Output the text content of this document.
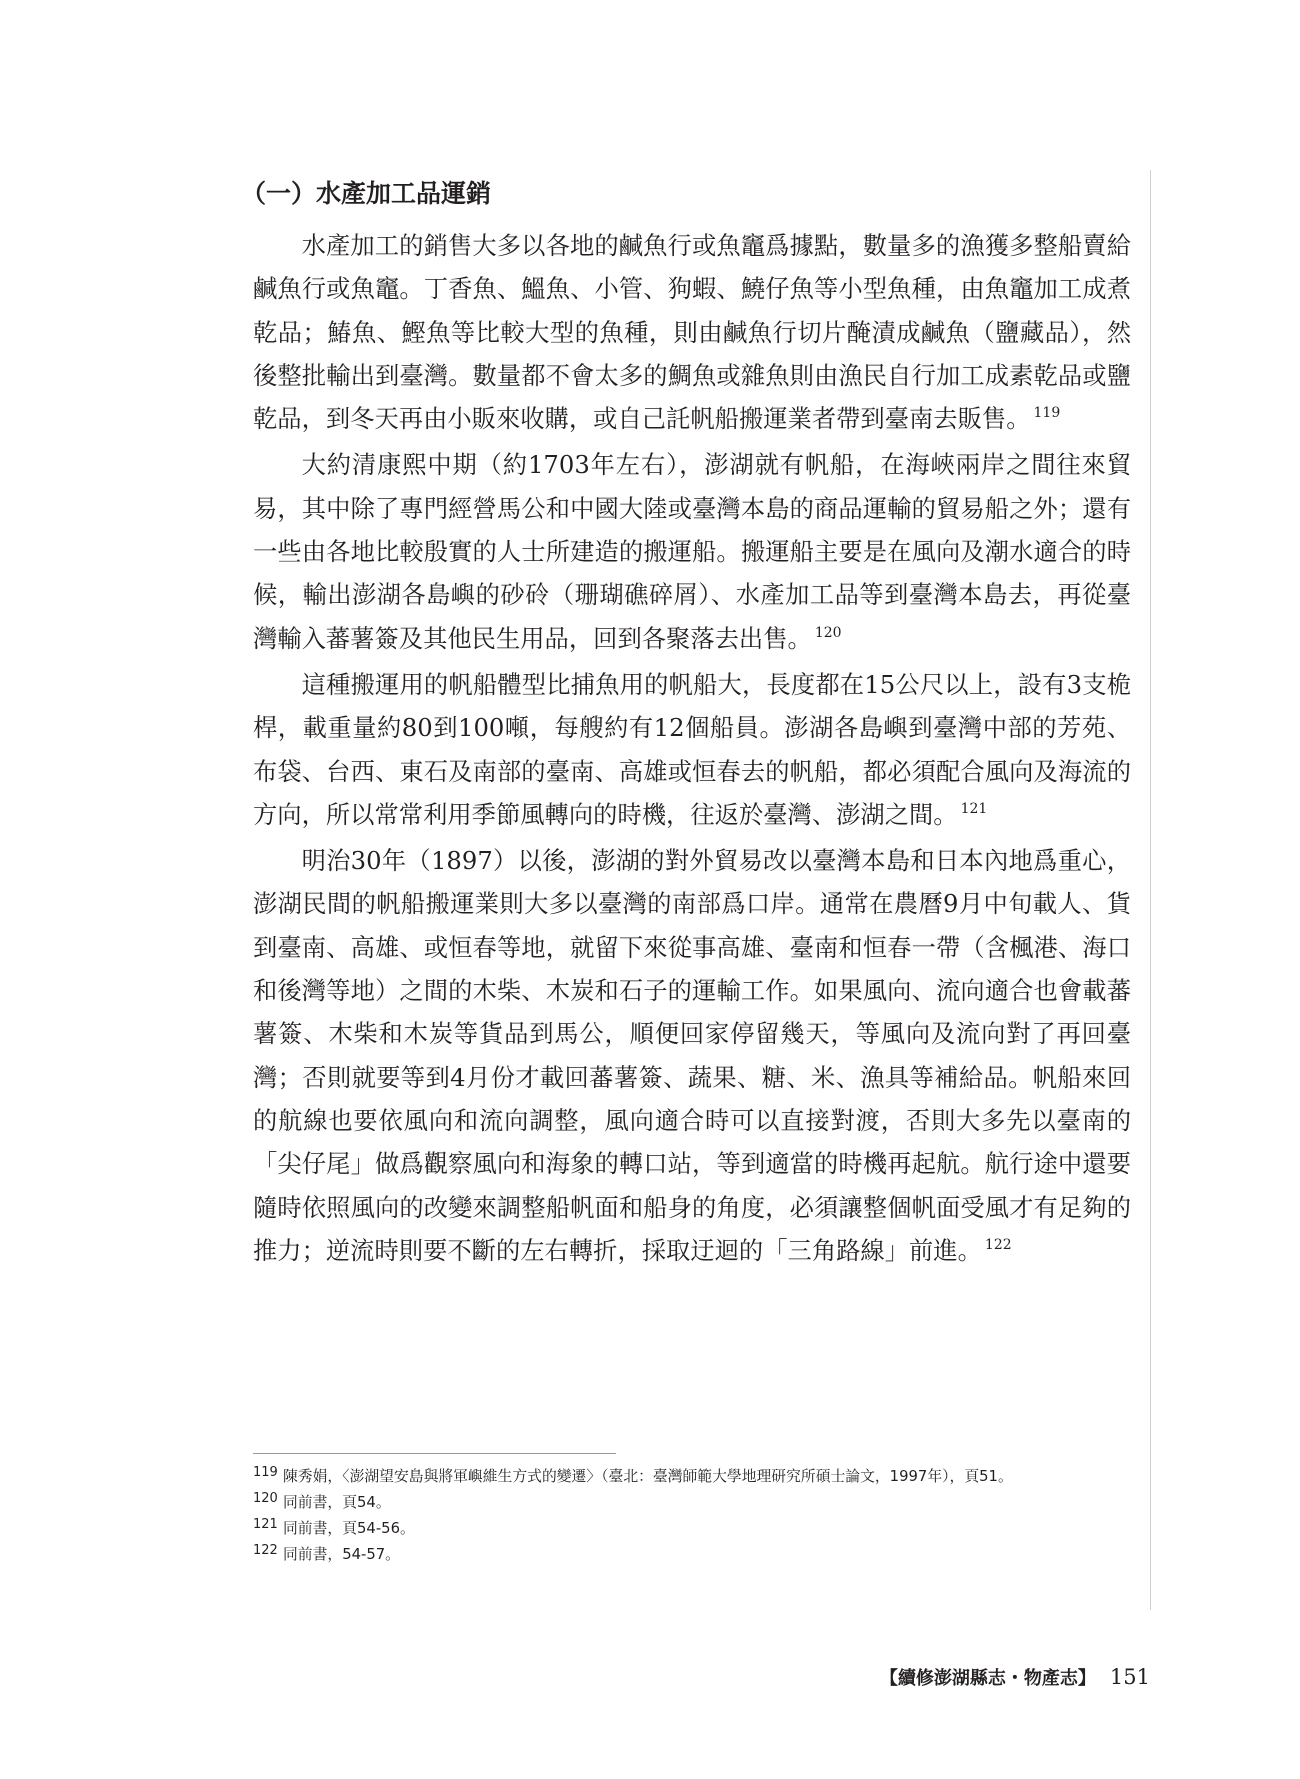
（一）水產加工品運銷

水產加工的銷售大多以各地的鹹魚行或魚竈爲據點，數量多的漁獲多整船賣給鹹魚行或魚竈。丁香魚、鰮魚、小管、狗蝦、鱙仔魚等小型魚種，由魚竈加工成煮乾品；鰆魚、鰹魚等比較大型的魚種，則由鹹魚行切片醃漬成鹹魚（鹽藏品），然後整批輸出到臺灣。數量都不會太多的鯛魚或雜魚則由漁民自行加工成素乾品或鹽乾品，到冬天再由小販來收購，或自己託帆船搬運業者帶到臺南去販售。 $^{119}$

大約清康熙中期（約1703年左右），澎湖就有帆船，在海峽兩岸之間往來貿易，其中除了專門經營馬公和中國大陸或臺灣本島的商品運輸的貿易船之外；還有一些由各地比較殷實的人士所建造的搬運船。搬運船主要是在風向及潮水適合的時候，輸出澎湖各島嶼的砂砱（珊瑚礁碎屑）、水產加工品等到臺灣本島去，再從臺灣輸入蕃薯簽及其他民生用品，回到各聚落去出售。 $^{120}$

這種搬運用的帆船體型比捕魚用的帆船大，長度都在15公尺以上，設有3支桅桿，載重量約80到100噸，每艘約有12個船員。澎湖各島嶼到臺灣中部的芳苑、布袋、台西、東石及南部的臺南、高雄或恒春去的帆船，都必須配合風向及海流的方向，所以常常利用季節風轉向的時機，往返於臺灣、澎湖之間。 $^{121}$

明治30年（1897）以後，澎湖的對外貿易改以臺灣本島和日本內地爲重心，澎湖民間的帆船搬運業則大多以臺灣的南部爲口岸。通常在農曆9月中旬載人、貨到臺南、高雄、或恒春等地，就留下來從事高雄、臺南和恒春一帶（含楓港、海口和後灣等地）之間的木柴、木炭和石子的運輸工作。如果風向、流向適合也會載蕃薯簽、木柴和木炭等貨品到馬公，順便回家停留幾天，等風向及流向對了再回臺灣；否則就要等到4月份才載回蕃薯簽、蔬果、糖、米、漁具等補給品。帆船來回的航線也要依風向和流向調整，風向適合時可以直接對渡，否則大多先以臺南的「尖仔尾」做爲觀察風向和海象的轉口站，等到適當的時機再起航。航行途中還要隨時依照風向的改變來調整船帆面和船身的角度，必須讓整個帆面受風才有足夠的推力；逆流時則要不斷的左右轉折，採取迂迴的「三角路線」前進。 $^{122}$

119 陳秀娟，〈澎湖望安島與將軍嶼維生方式的變遷〉（臺北：臺灣師範大學地理研究所碩士論文，1997年），頁51。

120 同前書，頁54。

121 同前書，頁54-56。

122 同前書，54-57。

【續修澎湖縣志・物產志】 151
